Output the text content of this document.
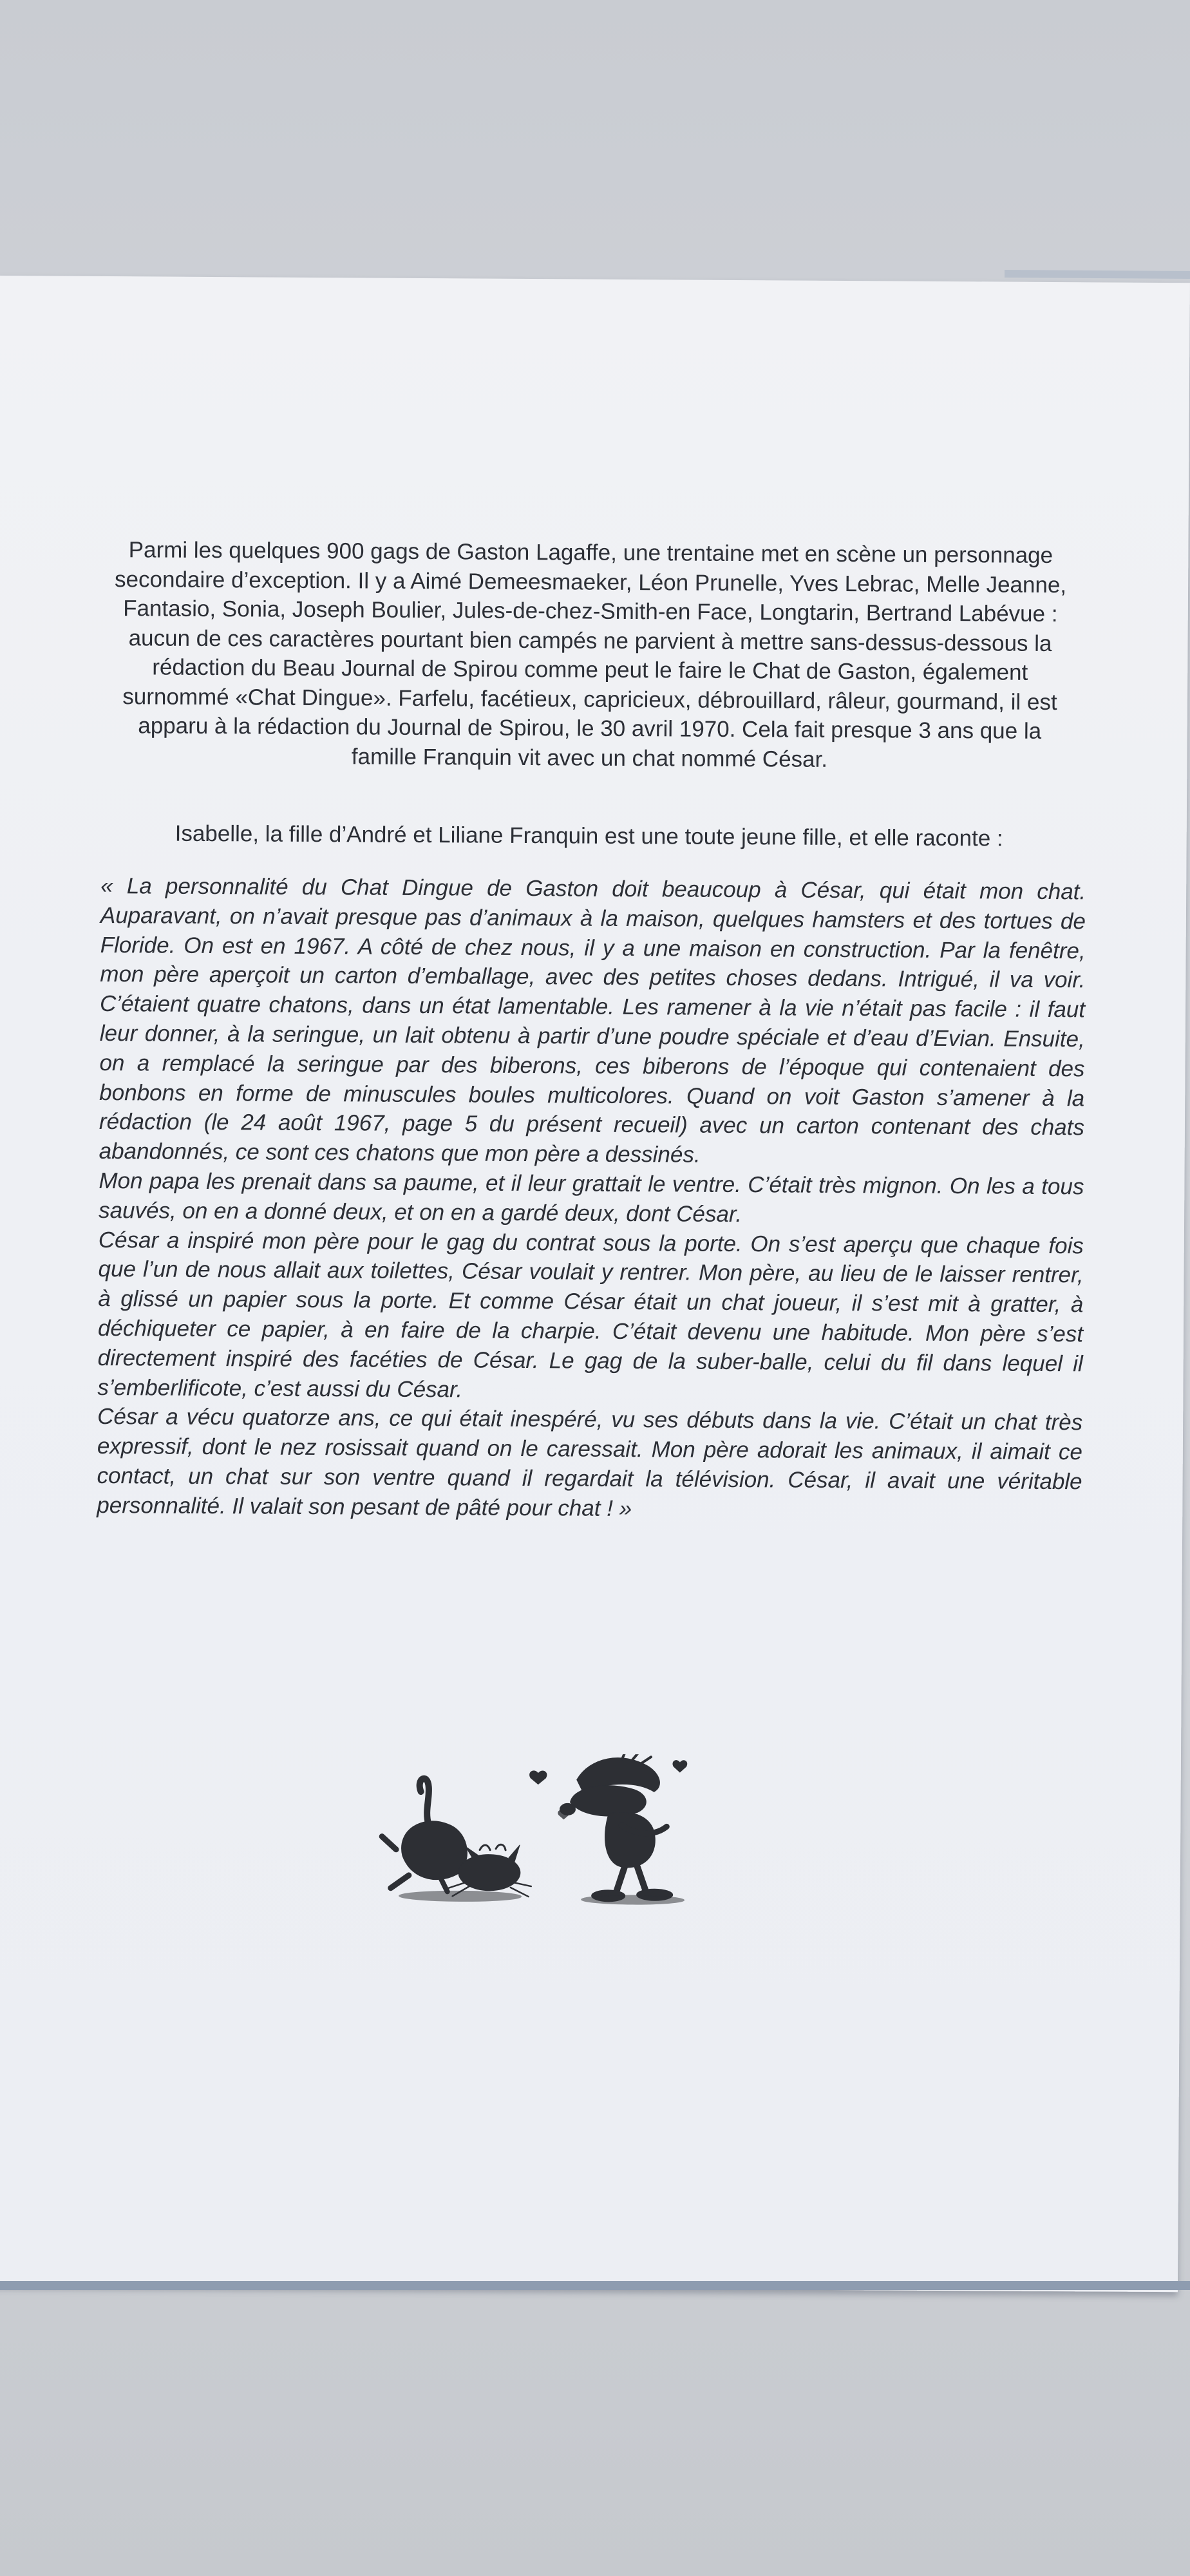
Parmi les quelques 900 gags de Gaston Lagaffe, une trentaine met en scène un personnage secondaire d’exception. Il y a Aimé Demeesmaeker, Léon Prunelle, Yves Lebrac, Melle Jeanne, Fantasio, Sonia, Joseph Boulier, Jules-de-chez-Smith-en Face, Longtarin, Bertrand Labévue : aucun de ces caractères pourtant bien campés ne parvient à mettre sans-dessus-dessous la rédaction du Beau Journal de Spirou comme peut le faire le Chat de Gaston, également surnommé «Chat Dingue». Farfelu, facétieux, capricieux, débrouillard, râleur, gourmand, il est apparu à la rédaction du Journal de Spirou, le 30 avril 1970. Cela fait presque 3 ans que la famille Franquin vit avec un chat nommé César.

Isabelle, la fille d’André et Liliane Franquin est une toute jeune fille, et elle raconte :

« La personnalité du Chat Dingue de Gaston doit beaucoup à César, qui était mon chat. Auparavant, on n’avait presque pas d’animaux à la maison, quelques hamsters et des tortues de Floride. On est en 1967. A côté de chez nous, il y a une maison en construction. Par la fenêtre, mon père aperçoit un carton d’emballage, avec des petites choses dedans. Intrigué, il va voir. C’étaient quatre chatons, dans un état lamentable. Les ramener à la vie n’était pas facile : il faut leur donner, à la seringue, un lait obtenu à partir d’une poudre spéciale et d’eau d’Evian. Ensuite, on a remplacé la seringue par des biberons, ces biberons de l’époque qui contenaient des bonbons en forme de minuscules boules multicolores. Quand on voit Gaston s’amener à la rédaction (le 24 août 1967, page 5 du présent recueil) avec un carton contenant des chats abandonnés, ce sont ces chatons que mon père a dessinés.

Mon papa les prenait dans sa paume, et il leur grattait le ventre. C’était très mignon. On les a tous sauvés, on en a donné deux, et on en a gardé deux, dont César.

César a inspiré mon père pour le gag du contrat sous la porte. On s’est aperçu que chaque fois que l’un de nous allait aux toilettes, César voulait y rentrer. Mon père, au lieu de le laisser rentrer, à glissé un papier sous la porte. Et comme César était un chat joueur, il s’est mit à gratter, à déchiqueter ce papier, à en faire de la charpie. C’était devenu une habitude. Mon père s’est directement inspiré des facéties de César. Le gag de la suber-balle, celui du fil dans lequel il s’emberlificote, c’est aussi du César.

César a vécu quatorze ans, ce qui était inespéré, vu ses débuts dans la vie. C’était un chat très expressif, dont le nez rosissait quand on le caressait. Mon père adorait les animaux, il aimait ce contact, un chat sur son ventre quand il regardait la télévision. César, il avait une véritable personnalité. Il valait son pesant de pâté pour chat ! »
